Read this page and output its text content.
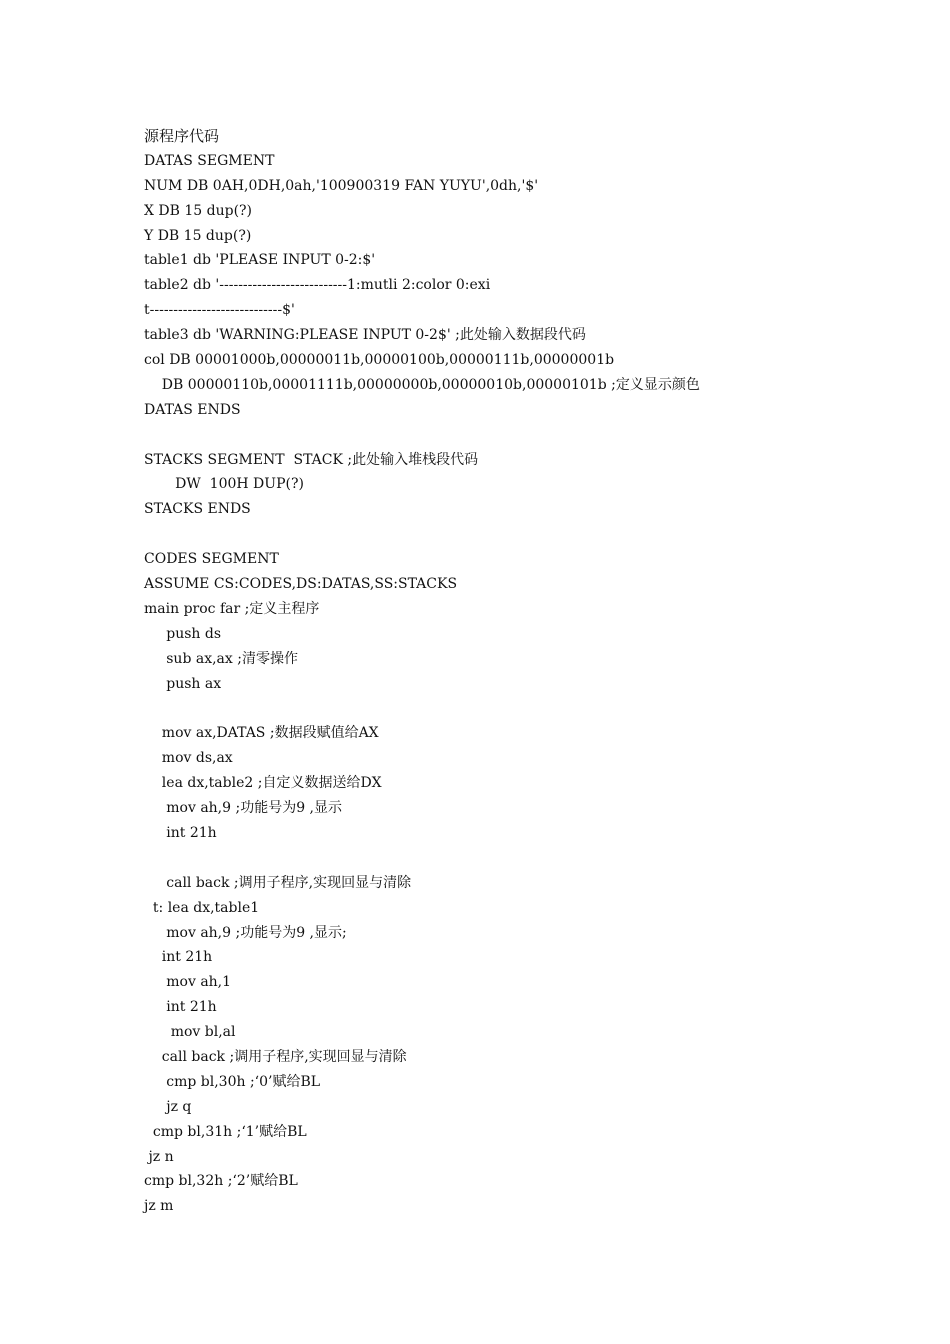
源程序代码
DATAS SEGMENT
NUM DB 0AH,0DH,0ah,'100900319 FAN YUYU',0dh,'$'
X DB 15 dup(?)
Y DB 15 dup(?)
table1 db 'PLEASE INPUT 0-2:$'
table2 db '---------------------------1:mutli 2:color 0:exi
t----------------------------$'
table3 db 'WARNING:PLEASE INPUT 0-2$' ;此处输入数据段代码
col DB 00001000b,00000011b,00000100b,00000111b,00000001b
DB 00000110b,00001111b,00000000b,00000010b,00000101b ;定义显示颜色
DATAS ENDS
STACKS SEGMENT  STACK ;此处输入堆栈段代码
DW  100H DUP(?)
STACKS ENDS
CODES SEGMENT
ASSUME CS:CODES,DS:DATAS,SS:STACKS
main proc far ;定义主程序
push ds
sub ax,ax ;清零操作
push ax
mov ax,DATAS ;数据段赋值给AX
mov ds,ax
lea dx,table2 ;自定义数据送给DX
mov ah,9 ;功能号为9 ,显示
int 21h
call back ;调用子程序,实现回显与清除
t: lea dx,table1
mov ah,9 ;功能号为9 ,显示;
int 21h
mov ah,1
int 21h
mov bl,al
call back ;调用子程序,实现回显与清除
cmp bl,30h ;‘0’赋给BL
jz q
cmp bl,31h ;‘1’赋给BL
jz n
cmp bl,32h ;‘2’赋给BL
jz m
